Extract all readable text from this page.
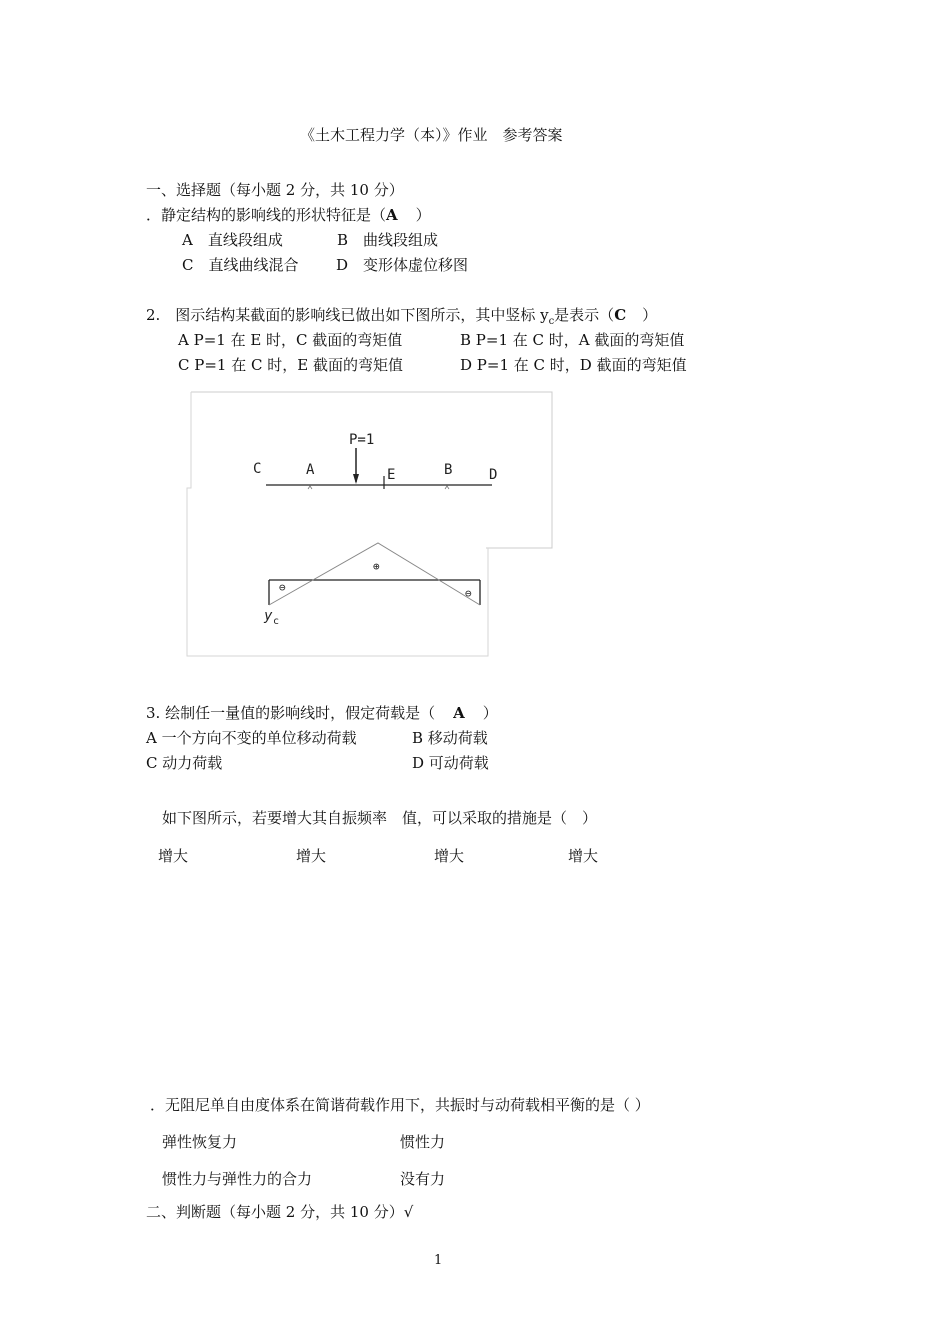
《土木工程力学（本）》作业　参考答案
一、选择题（每小题 2 分，共 10 分）
．静定结构的影响线的形状特征是（A ）
A　直线段组成	B　曲线段组成
C　直线曲线混合	D　变形体虚位移图
2.　图示结构某截面的影响线已做出如下图所示，其中竖标 $y_c$是表示（C ）
A P=1 在 E 时，C 截面的弯矩值	B P=1 在 C 时，A 截面的弯矩值
C P=1 在 C 时，E 截面的弯矩值	D P=1 在 C 时，D 截面的弯矩值
P=1
C	A	E	B	D
⊖
⊕
⊖
y c
3. 绘制任一量值的影响线时，假定荷载是（ A ）
A 一个方向不变的单位移动荷载	B 移动荷载
C 动力荷载	D 可动荷载
如下图所示，若要增大其自振频率　值，可以采取的措施是（　）
增大	增大	增大	增大
．无阻尼单自由度体系在简谐荷载作用下，共振时与动荷载相平衡的是（ ）
弹性恢复力	惯性力
惯性力与弹性力的合力	没有力
二、判断题（每小题 2 分，共 10 分）√
1
